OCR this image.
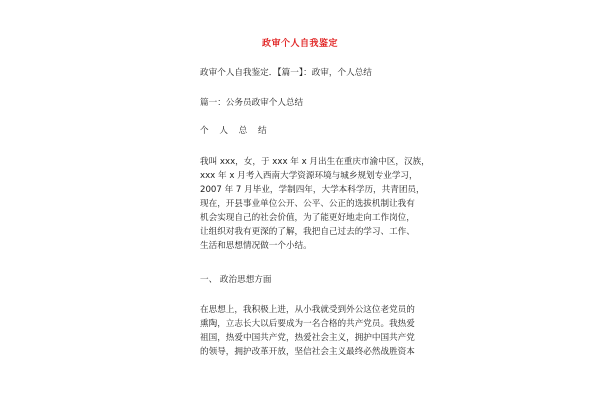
政审个人自我鉴定
政审个人自我鉴定．【篇一】：政审，个人总结
篇一：公务员政审个人总结
个 人 总 结
我叫 xxx，女，于 xxx 年 x 月出生在重庆市渝中区，汉族，
xxx 年 x 月考入西南大学资源环境与城乡规划专业学习，
2007 年 7 月毕业，学制四年，大学本科学历，共青团员，
现在，开县事业单位公开、公平、公正的选拔机制让我有
机会实现自己的社会价值，为了能更好地走向工作岗位，
让组织对我有更深的了解，我把自己过去的学习、工作、
生活和思想情况做一个小结。
一、 政治思想方面
在思想上，我积极上进，从小我就受到外公这位老党员的
熏陶，立志长大以后要成为一名合格的共产党员。我热爱
祖国，热爱中国共产党，热爱社会主义，拥护中国共产党
的领导，拥护改革开放，坚信社会主义最终必然战胜资本
